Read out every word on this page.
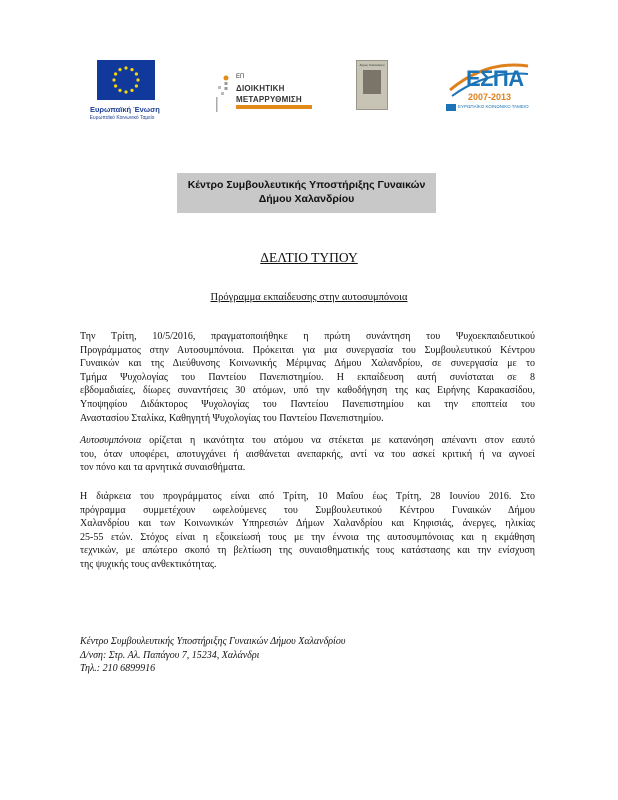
Ευρωπαϊκή Ένωση
Ευρωπαϊκό Κοινωνικό Ταμείο
ΕΠ
ΔΙΟΙΚΗΤΙΚΗ
ΜΕΤΑΡΡΥΘΜΙΣΗ
Δήμος Χαλανδρίου
ΕΣΠΑ
2007-2013
ΕΥΡΩΠΑΪΚΟ ΚΟΙΝΩΝΙΚΟ ΤΑΜΕΙΟ
Κέντρο Συμβουλευτικής Υποστήριξης Γυναικών
Δήμου Χαλανδρίου
ΔΕΛΤΙΟ ΤΥΠΟΥ
Πρόγραμμα εκπαίδευσης στην αυτοσυμπόνοια
Την Τρίτη, 10/5/2016, πραγματοποιήθηκε η πρώτη συνάντηση του Ψυχοεκπαιδευτικού
Προγράμματος στην Αυτοσυμπόνοια. Πρόκειται για μια συνεργασία του Συμβουλευτικού Κέντρου
Γυναικών και της Διεύθυνσης Κοινωνικής Μέριμνας Δήμου Χαλανδρίου, σε συνεργασία με το
Τμήμα Ψυχολογίας του Παντείου Πανεπιστημίου. Η εκπαίδευση αυτή συνίσταται σε 8
εβδομαδιαίες, δίωρες συναντήσεις 30 ατόμων, υπό την καθοδήγηση της κας Ειρήνης Καρακασίδου,
Υποψηφίου Διδάκτορος Ψυχολογίας του Παντείου Πανεπιστημίου και την εποπτεία του
Αναστασίου Σταλίκα, Καθηγητή Ψυχολογίας του Παντείου Πανεπιστημίου.
Αυτοσυμπόνοια ορίζεται η ικανότητα του ατόμου να στέκεται με κατανόηση απέναντι στον εαυτό
του, όταν υποφέρει, αποτυγχάνει ή αισθάνεται ανεπαρκής, αντί να του ασκεί κριτική ή να αγνοεί
τον πόνο και τα αρνητικά συναισθήματα.
Η διάρκεια του προγράμματος είναι από Τρίτη, 10 Μαΐου έως Τρίτη, 28 Ιουνίου 2016. Στο
πρόγραμμα συμμετέχουν ωφελούμενες του Συμβουλευτικού Κέντρου Γυναικών Δήμου
Χαλανδρίου και των Κοινωνικών Υπηρεσιών Δήμων Χαλανδρίου και Κηφισιάς, άνεργες, ηλικίας
25-55 ετών. Στόχος είναι η εξοικείωσή τους με την έννοια της αυτοσυμπόνοιας και η εκμάθηση
τεχνικών, με απώτερο σκοπό τη βελτίωση της συναισθηματικής τους κατάστασης και την ενίσχυση
της ψυχικής τους ανθεκτικότητας.
Κέντρο Συμβουλευτικής Υποστήριξης Γυναικών Δήμου Χαλανδρίου
Δ/νση: Στρ. Αλ. Παπάγου 7, 15234, Χαλάνδρι
Τηλ.: 210 6899916
